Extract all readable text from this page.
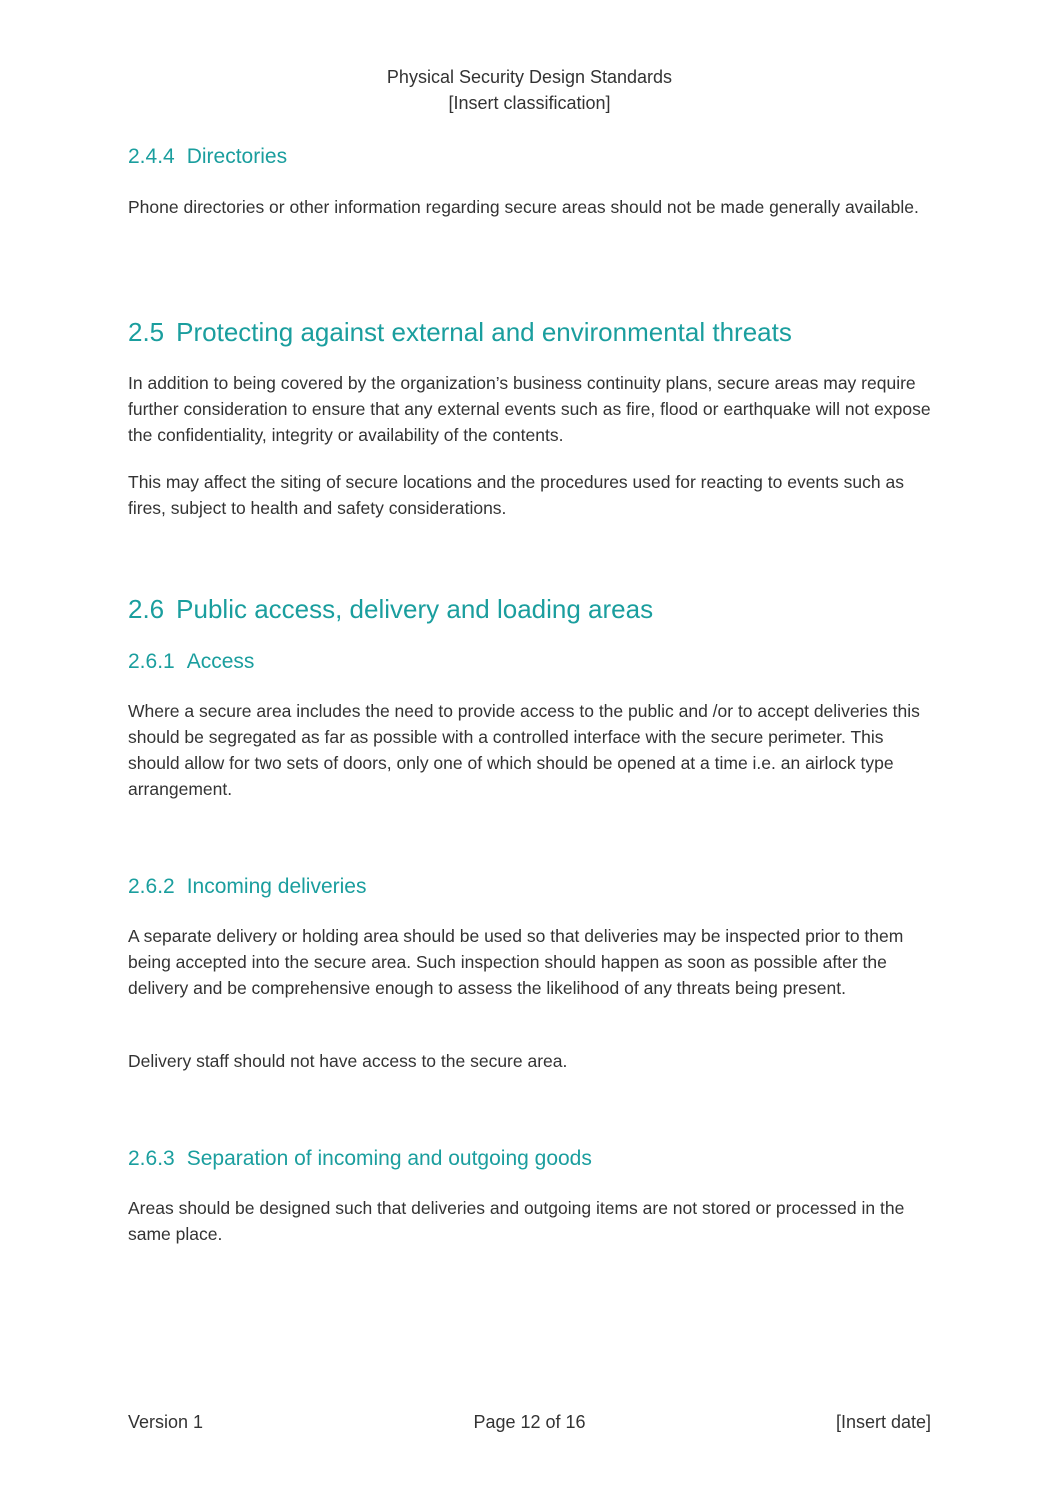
Physical Security Design Standards
[Insert classification]
2.4.4 Directories
Phone directories or other information regarding secure areas should not be made generally available.
2.5 Protecting against external and environmental threats
In addition to being covered by the organization’s business continuity plans, secure areas may require further consideration to ensure that any external events such as fire, flood or earthquake will not expose the confidentiality, integrity or availability of the contents.
This may affect the siting of secure locations and the procedures used for reacting to events such as fires, subject to health and safety considerations.
2.6 Public access, delivery and loading areas
2.6.1 Access
Where a secure area includes the need to provide access to the public and /or to accept deliveries this should be segregated as far as possible with a controlled interface with the secure perimeter. This should allow for two sets of doors, only one of which should be opened at a time i.e. an airlock type arrangement.
2.6.2 Incoming deliveries
A separate delivery or holding area should be used so that deliveries may be inspected prior to them being accepted into the secure area. Such inspection should happen as soon as possible after the delivery and be comprehensive enough to assess the likelihood of any threats being present.
Delivery staff should not have access to the secure area.
2.6.3 Separation of incoming and outgoing goods
Areas should be designed such that deliveries and outgoing items are not stored or processed in the same place.
Version 1	Page 12 of 16	[Insert date]
